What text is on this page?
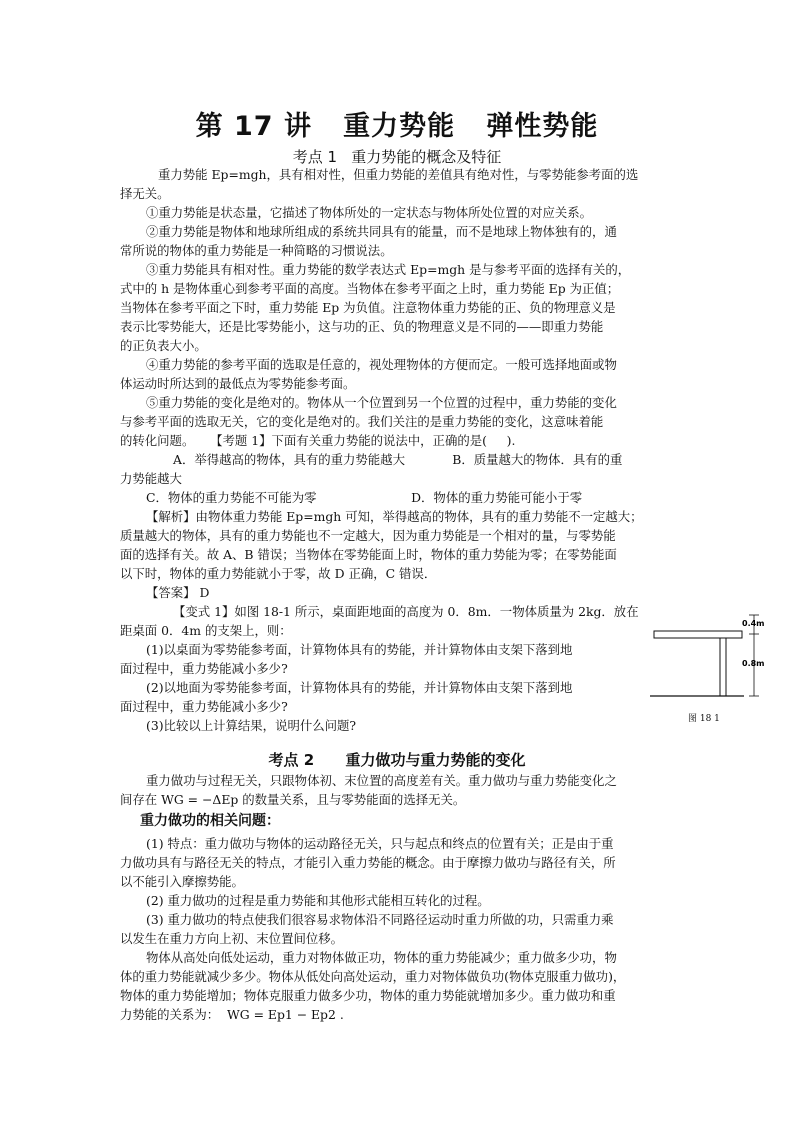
第 17 讲   重力势能   弹性势能
考点 1   重力势能的概念及特征
重力势能 Ep=mgh，具有相对性，但重力势能的差值具有绝对性，与零势能参考面的选
择无关。
①重力势能是状态量，它描述了物体所处的一定状态与物体所处位置的对应关系。
②重力势能是物体和地球所组成的系统共同具有的能量，而不是地球上物体独有的，通
常所说的物体的重力势能是一种简略的习惯说法。
③重力势能具有相对性。重力势能的数学表达式 Ep=mgh 是与参考平面的选择有关的，
式中的 h 是物体重心到参考平面的高度。当物体在参考平面之上时，重力势能 Ep 为正值；
当物体在参考平面之下时，重力势能 Ep 为负值。注意物体重力势能的正、负的物理意义是
表示比零势能大，还是比零势能小，这与功的正、负的物理意义是不同的——即重力势能
的正负表大小。
④重力势能的参考平面的选取是任意的，视处理物体的方便而定。一般可选择地面或物
体运动时所达到的最低点为零势能参考面。
⑤重力势能的变化是绝对的。物体从一个位置到另一个位置的过程中，重力势能的变化
与参考平面的选取无关，它的变化是绝对的。我们关注的是重力势能的变化，这意味着能
的转化问题。    【考题 1】下面有关重力势能的说法中，正确的是(     ).
A．举得越高的物体，具有的重力势能越大            B．质量越大的物体．具有的重
力势能越大
C．物体的重力势能不可能为零                        D．物体的重力势能可能小于零
【解析】由物体重力势能 Ep=mgh 可知，举得越高的物体，具有的重力势能不一定越大；
质量越大的物体，具有的重力势能也不一定越大，因为重力势能是一个相对的量，与零势能
面的选择有关。故 A、B 错误；当物体在零势能面上时，物体的重力势能为零；在零势能面
以下时，物体的重力势能就小于零，故 D 正确，C 错误．
【答案】 D
【变式 1】如图 18-1 所示，桌面距地面的高度为 0．8m．一物体质量为 2kg．放在
距桌面 0．4m 的支架上，则：
(1)以桌面为零势能参考面，计算物体具有的势能，并计算物体由支架下落到地
面过程中，重力势能减小多少?
(2)以地面为零势能参考面，计算物体具有的势能，并计算物体由支架下落到地
面过程中，重力势能减小多少?
(3)比较以上计算结果，说明什么问题?
0.4m
0.8m
图 18 1
考点 2      重力做功与重力势能的变化
重力做功与过程无关，只跟物体初、末位置的高度差有关。重力做功与重力势能变化之
间存在 WG = −ΔEp 的数量关系，且与零势能面的选择无关。
重力做功的相关问题：
(1) 特点：重力做功与物体的运动路径无关，只与起点和终点的位置有关；正是由于重
力做功具有与路径无关的特点，才能引入重力势能的概念。由于摩擦力做功与路径有关，所
以不能引入摩擦势能。
(2) 重力做功的过程是重力势能和其他形式能相互转化的过程。
(3) 重力做功的特点使我们很容易求物体沿不同路径运动时重力所做的功，只需重力乘
以发生在重力方向上初、末位置间位移。
物体从高处向低处运动，重力对物体做正功，物体的重力势能减少；重力做多少功，物
体的重力势能就减少多少。物体从低处向高处运动，重力对物体做负功(物体克服重力做功)，
物体的重力势能增加；物体克服重力做多少功，物体的重力势能就增加多少。重力做功和重
力势能的关系为：  WG = Ep1 − Ep2 .
